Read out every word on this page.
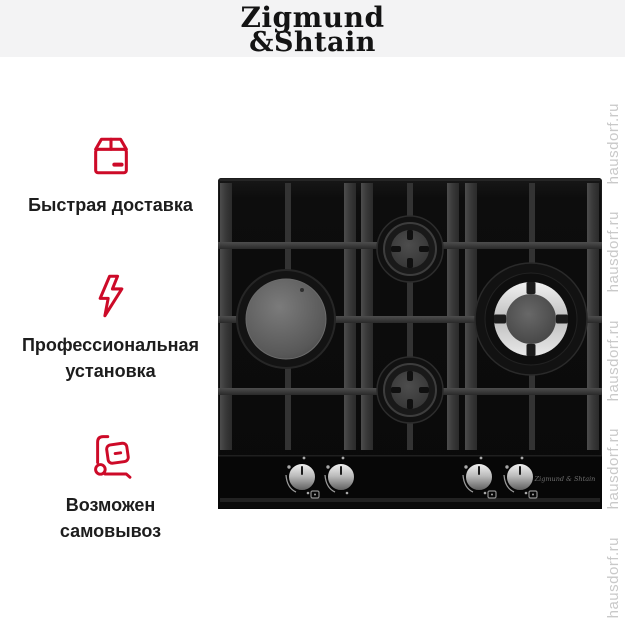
Zigmund
&Shtain
Быстрая доставка
Профессиональная
установка
Возможен
самовывоз
Zigmund & Shtain
hausdorf.ru
hausdorf.ru
hausdorf.ru
hausdorf.ru
hausdorf.ru
